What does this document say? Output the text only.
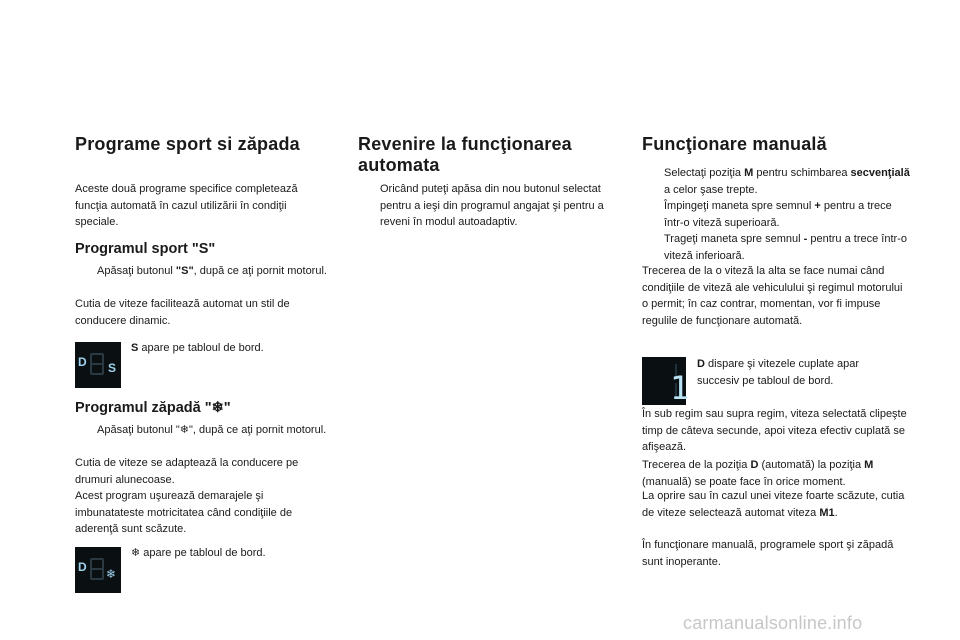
Programe sport si zăpada

Aceste două programe specifice completează funcţia automată în cazul utilizării în condiţii speciale.

Programul sport "S"
Apăsaţi butonul "S", după ce aţi pornit motorul.

Cutia de viteze facilitează automat un stil de conducere dinamic.

D S
S apare pe tabloul de bord.
Programul zăpadă "❄"
Apăsaţi butonul "❄", după ce aţi pornit motorul.

Cutia de viteze se adaptează la conducere pe drumuri alunecoase.

Acest program uşurează demarajele şi imbunatateste motricitatea când condiţiile de aderenţă sunt scăzute.

D ❄
❄ apare pe tabloul de bord.
Revenire la funcţionarea
automata
Oricând puteţi apăsa din nou butonul selectat pentru a ieşi din programul angajat şi pentru a reveni în modul autoadaptiv.
Funcţionare manuală
Selectaţi poziţia M pentru schimbarea secvenţială a celor şase trepte.
Împingeţi maneta spre semnul + pentru a trece într-o viteză superioară.
Trageţi maneta spre semnul - pentru a trece într-o viteză inferioară.

Trecerea de la o viteză la alta se face numai când condiţiile de viteză ale vehiculului şi regimul motorului o permit; în caz contrar, momentan, vor fi impuse regulile de funcţionare automată.

1
D dispare şi vitezele cuplate apar succesiv pe tabloul de bord.

În sub regim sau supra regim, viteza selectată clipeşte timp de câteva secunde, apoi viteza efectiv cuplată se afişează.

Trecerea de la poziţia D (automată) la poziţia M (manuală) se poate face în orice moment.

La oprire sau în cazul unei viteze foarte scăzute, cutia de viteze selectează automat viteza M1.

În funcţionare manuală, programele sport şi zăpadă sunt inoperante.

carmanualsonline.info
